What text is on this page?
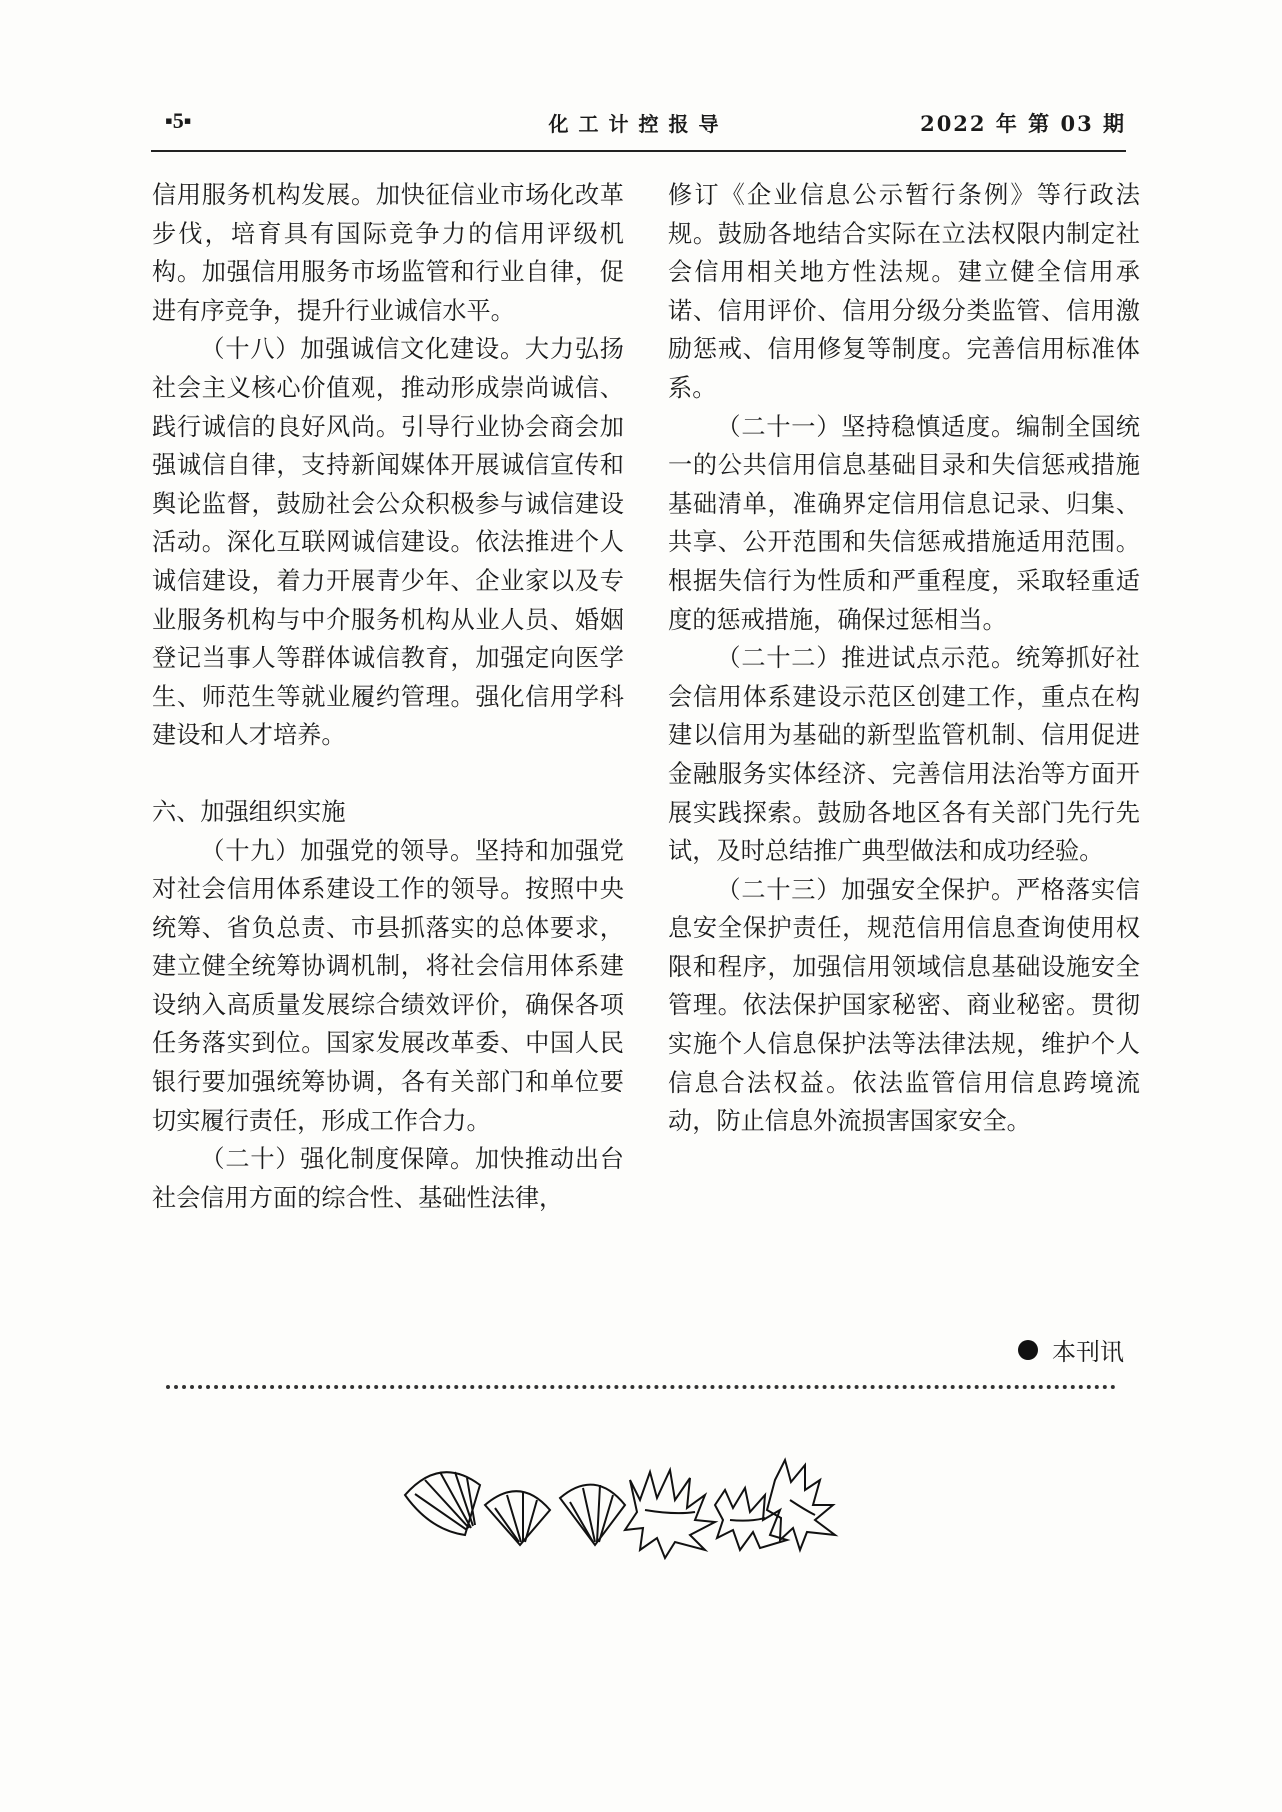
▪5▪	化工计控报导	2022 年 第 03 期

信用服务机构发展。加快征信业市场化改革步伐，培育具有国际竞争力的信用评级机构。加强信用服务市场监管和行业自律，促进有序竞争，提升行业诚信水平。

（十八）加强诚信文化建设。大力弘扬社会主义核心价值观，推动形成崇尚诚信、践行诚信的良好风尚。引导行业协会商会加强诚信自律，支持新闻媒体开展诚信宣传和舆论监督，鼓励社会公众积极参与诚信建设活动。深化互联网诚信建设。依法推进个人诚信建设，着力开展青少年、企业家以及专业服务机构与中介服务机构从业人员、婚姻登记当事人等群体诚信教育，加强定向医学生、师范生等就业履约管理。强化信用学科建设和人才培养。

六、加强组织实施

（十九）加强党的领导。坚持和加强党对社会信用体系建设工作的领导。按照中央统筹、省负总责、市县抓落实的总体要求，建立健全统筹协调机制，将社会信用体系建设纳入高质量发展综合绩效评价，确保各项任务落实到位。国家发展改革委、中国人民银行要加强统筹协调，各有关部门和单位要切实履行责任，形成工作合力。

（二十）强化制度保障。加快推动出台社会信用方面的综合性、基础性法律，

修订《企业信息公示暂行条例》等行政法规。鼓励各地结合实际在立法权限内制定社会信用相关地方性法规。建立健全信用承诺、信用评价、信用分级分类监管、信用激励惩戒、信用修复等制度。完善信用标准体系。

（二十一）坚持稳慎适度。编制全国统一的公共信用信息基础目录和失信惩戒措施基础清单，准确界定信用信息记录、归集、共享、公开范围和失信惩戒措施适用范围。根据失信行为性质和严重程度，采取轻重适度的惩戒措施，确保过惩相当。

（二十二）推进试点示范。统筹抓好社会信用体系建设示范区创建工作，重点在构建以信用为基础的新型监管机制、信用促进金融服务实体经济、完善信用法治等方面开展实践探索。鼓励各地区各有关部门先行先试，及时总结推广典型做法和成功经验。

（二十三）加强安全保护。严格落实信息安全保护责任，规范信用信息查询使用权限和程序，加强信用领域信息基础设施安全管理。依法保护国家秘密、商业秘密。贯彻实施个人信息保护法等法律法规，维护个人信息合法权益。依法监管信用信息跨境流动，防止信息外流损害国家安全。

本刊讯
